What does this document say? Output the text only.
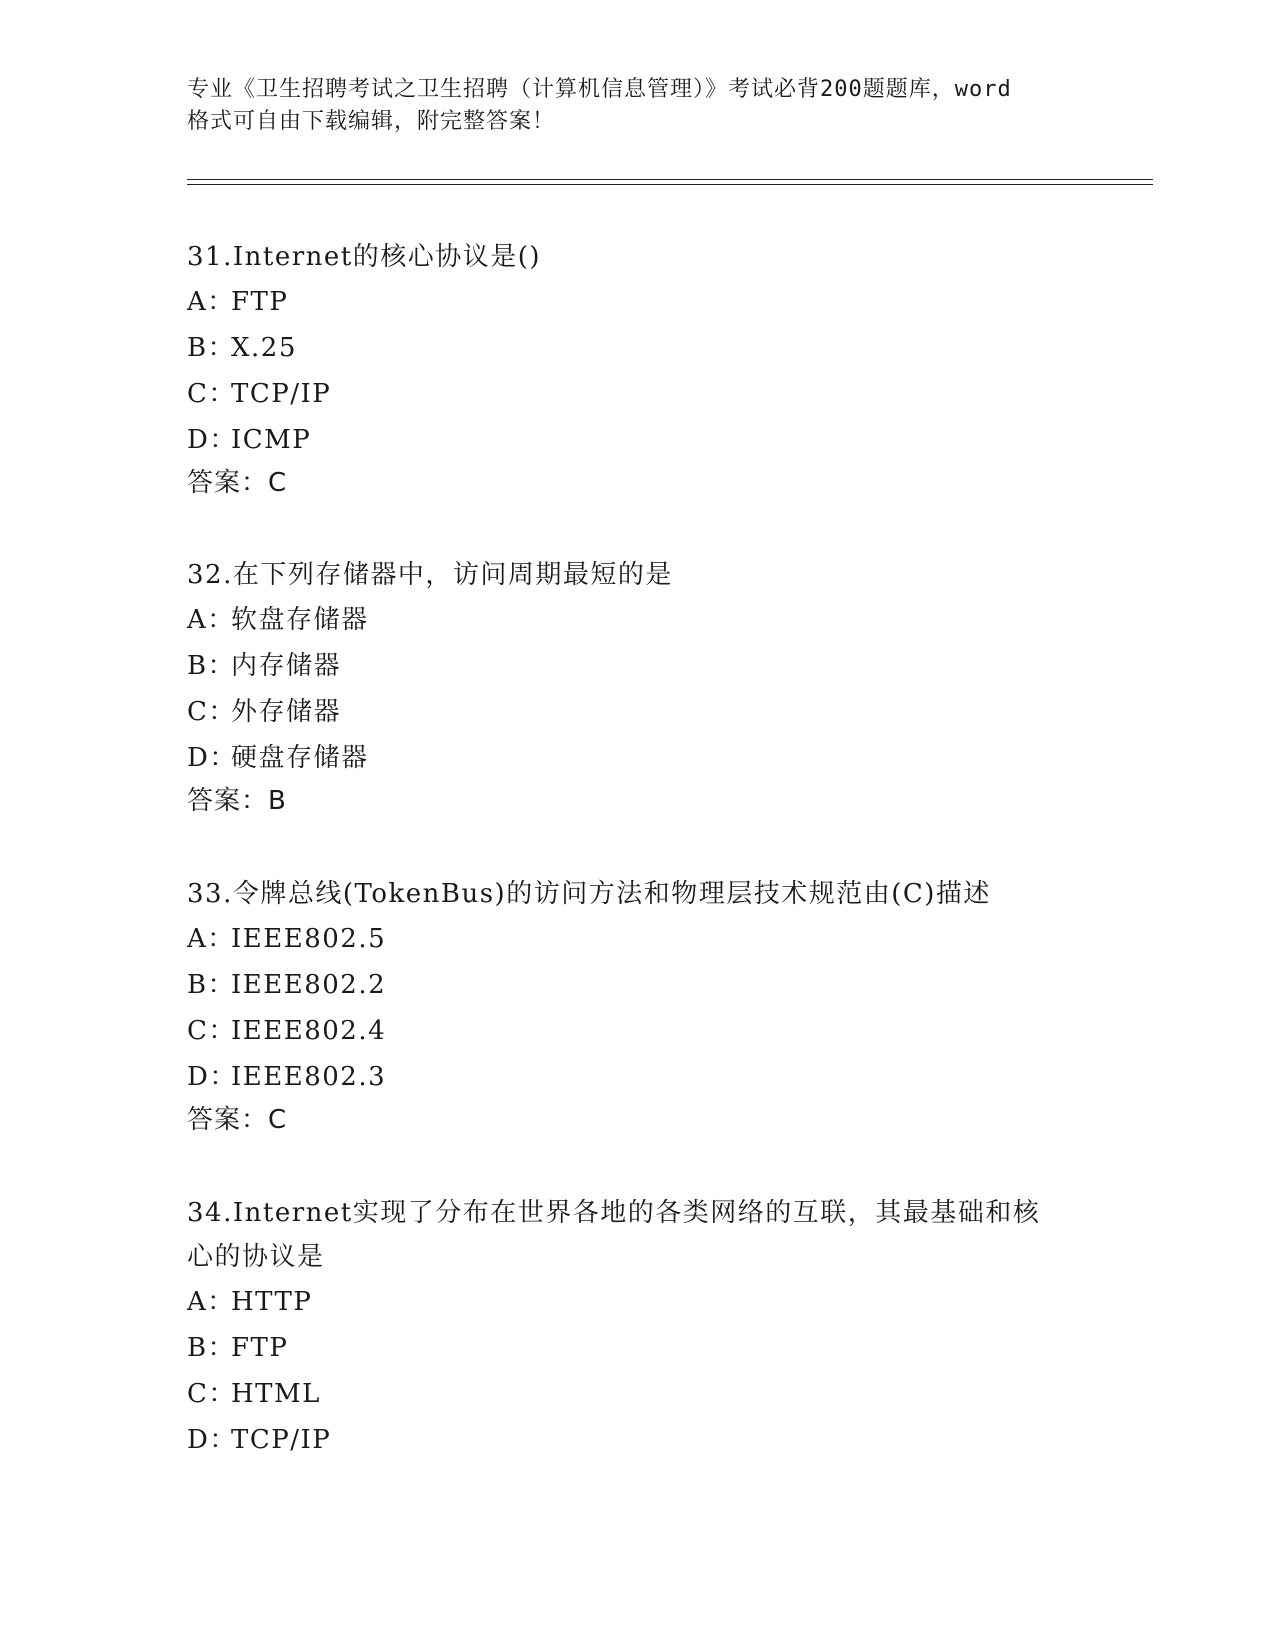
专业《卫生招聘考试之卫生招聘（计算机信息管理）》考试必背200题题库，word
格式可自由下载编辑，附完整答案！
31.Internet的核心协议是()
A：
FTP
B：
X.25
C：
TCP/IP
D：
ICMP
答案：C
32.在下列存储器中，访问周期最短的是
A：
软盘存储器
B：
内存储器
C：
外存储器
D：
硬盘存储器
答案：B
33.令牌总线(TokenBus)的访问方法和物理层技术规范由(C)描述
A：
IEEE802.5
B：
IEEE802.2
C：
IEEE802.4
D：
IEEE802.3
答案：C
34.Internet实现了分布在世界各地的各类网络的互联，其最基础和核
心的协议是
A：
HTTP
B：
FTP
C：
HTML
D：
TCP/IP
